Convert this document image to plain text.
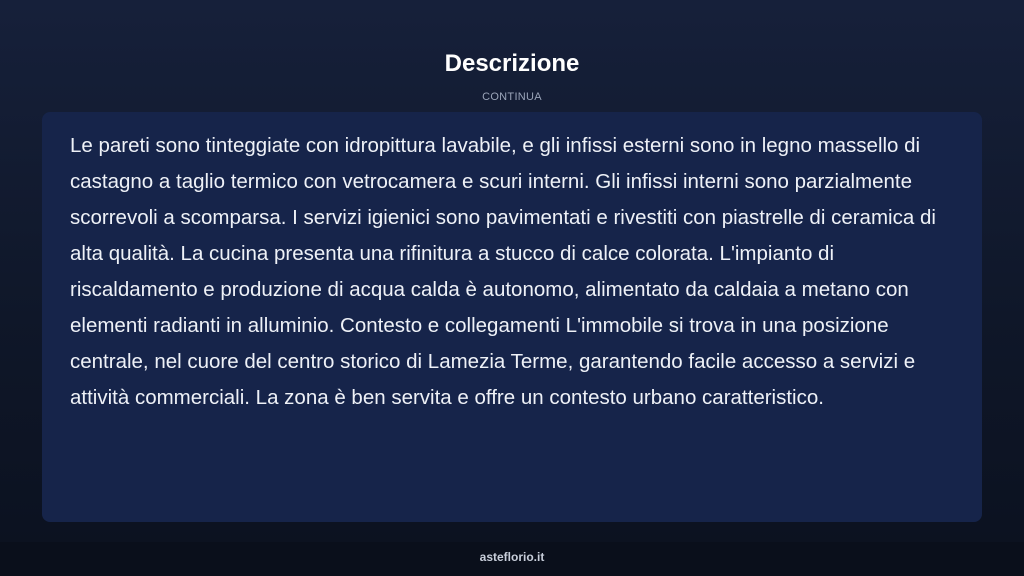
Descrizione
CONTINUA

Le pareti sono tinteggiate con idropittura lavabile, e gli infissi esterni sono in legno massello di castagno a taglio termico con vetrocamera e scuri interni. Gli infissi interni sono parzialmente scorrevoli a scomparsa. I servizi igienici sono pavimentati e rivestiti con piastrelle di ceramica di alta qualità. La cucina presenta una rifinitura a stucco di calce colorata. L'impianto di riscaldamento e produzione di acqua calda è autonomo, alimentato da caldaia a metano con elementi radianti in alluminio. Contesto e collegamenti L'immobile si trova in una posizione centrale, nel cuore del centro storico di Lamezia Terme, garantendo facile accesso a servizi e attività commerciali. La zona è ben servita e offre un contesto urbano caratteristico.

asteflorio.it
